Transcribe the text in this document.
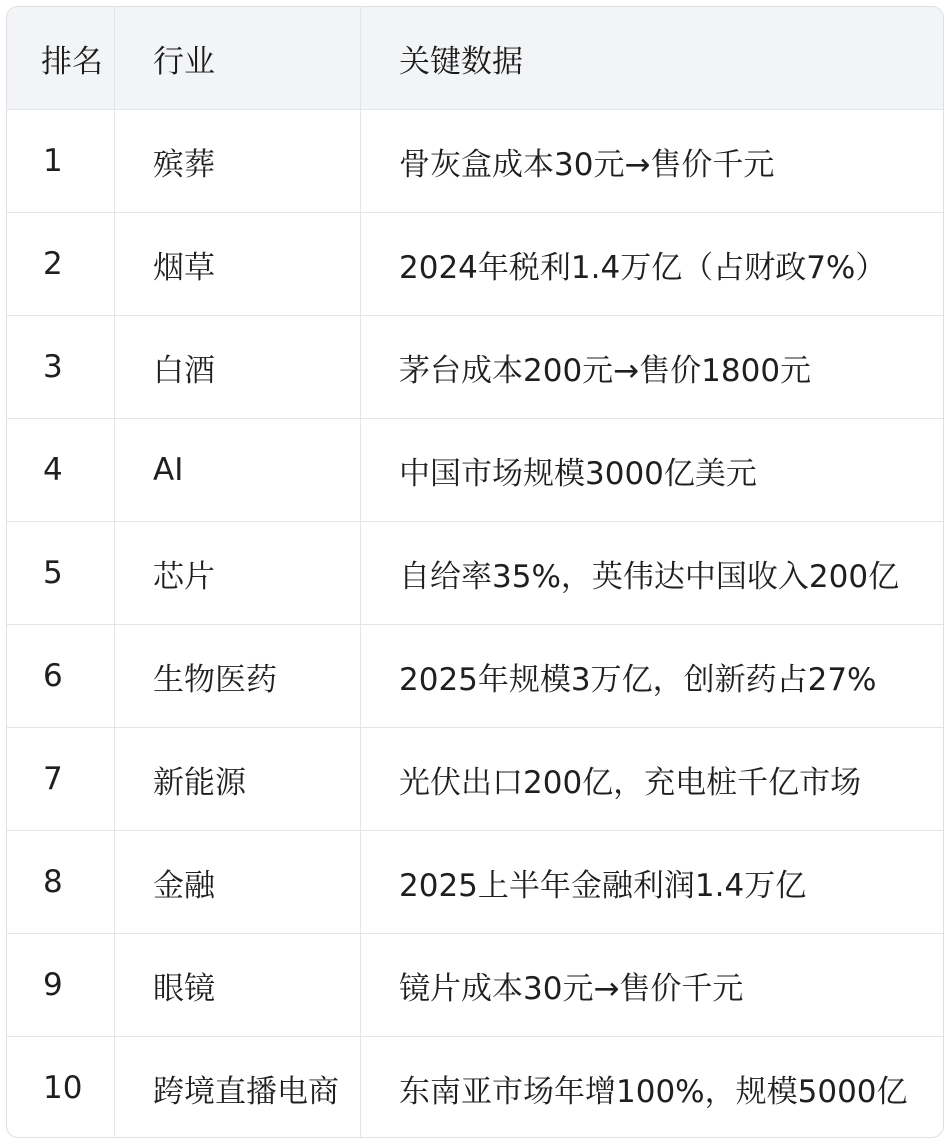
排名	行业	关键数据
1	殡葬	骨灰盒成本30元→售价千元
2	烟草	2024年税利1.4万亿（占财政7%）
3	白酒	茅台成本200元→售价1800元
4	AI	中国市场规模3000亿美元
5	芯片	自给率35%，英伟达中国收入200亿
6	生物医药	2025年规模3万亿，创新药占27%
7	新能源	光伏出口200亿，充电桩千亿市场
8	金融	2025上半年金融利润1.4万亿
9	眼镜	镜片成本30元→售价千元
10	跨境直播电商	东南亚市场年增100%，规模5000亿
